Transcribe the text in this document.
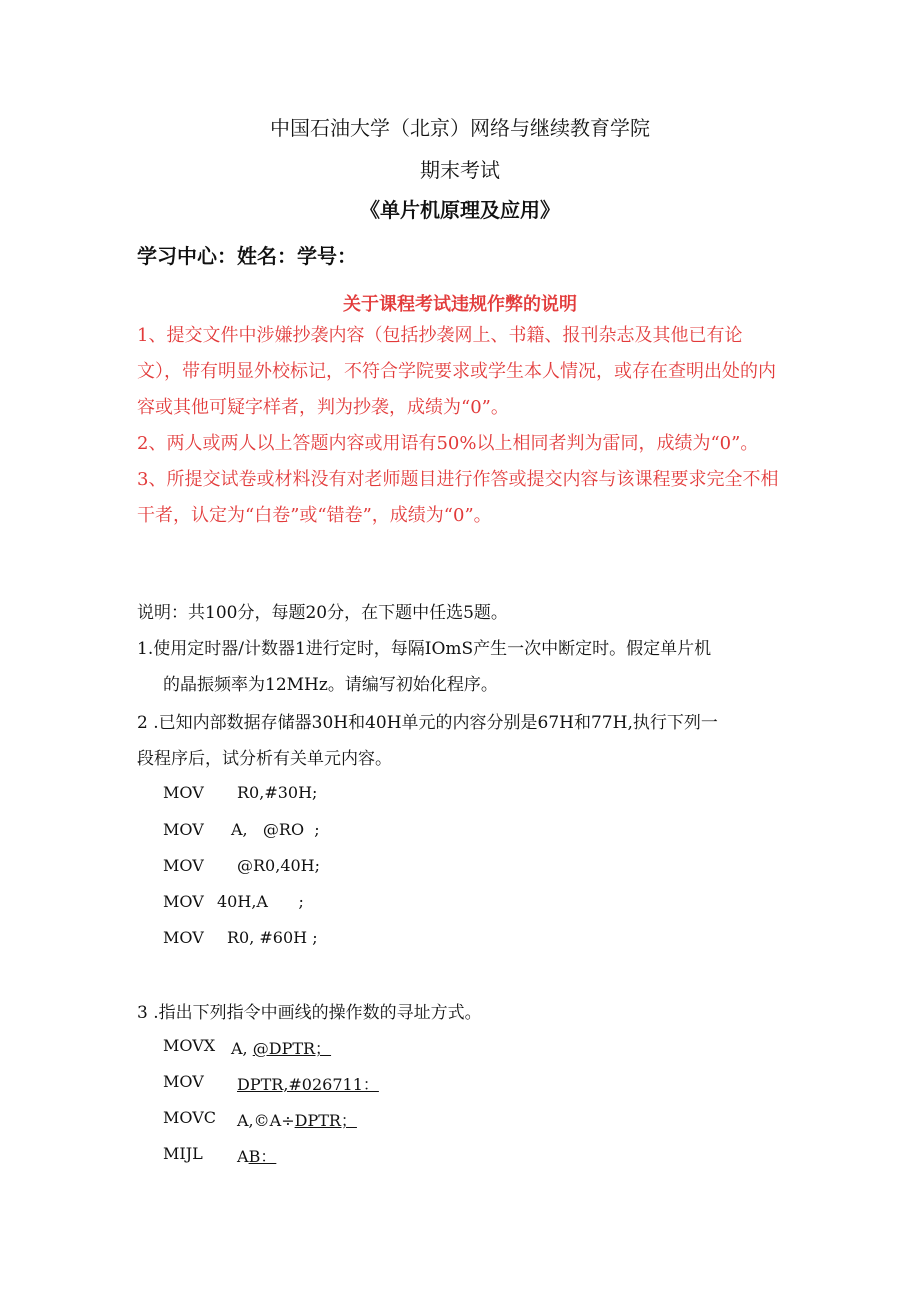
中国石油大学（北京）网络与继续教育学院
期末考试
《单片机原理及应用》
学习中心：姓名：学号：
关于课程考试违规作弊的说明
1、提交文件中涉嫌抄袭内容（包括抄袭网上、书籍、报刊杂志及其他已有论文），带有明显外校标记，不符合学院要求或学生本人情况，或存在查明出处的内容或其他可疑字样者，判为抄袭，成绩为“0”。
2、两人或两人以上答题内容或用语有50%以上相同者判为雷同，成绩为“0”。
3、所提交试卷或材料没有对老师题目进行作答或提交内容与该课程要求完全不相干者，认定为“白卷”或“错卷”，成绩为“0”。
说明：共100分，每题20分，在下题中任选5题。
1.使用定时器/计数器1进行定时，每隔IOmS产生一次中断定时。假定单片机
的晶振频率为12MHz。请编写初始化程序。
2 .已知内部数据存储器30H和40H单元的内容分别是67H和77H,执行下列一
段程序后，试分析有关单元内容。
MOV R0,#30H;
MOV A,   @RO  ;
MOV @R0,40H;
MOV 40H,A      ;
MOV R0, #60H ;
3 .指出下列指令中画线的操作数的寻址方式。
MOVX A, @DPTR；
MOV DPTR,#026711：
MOVC A,©A÷DPTR；
MIJL AB：
